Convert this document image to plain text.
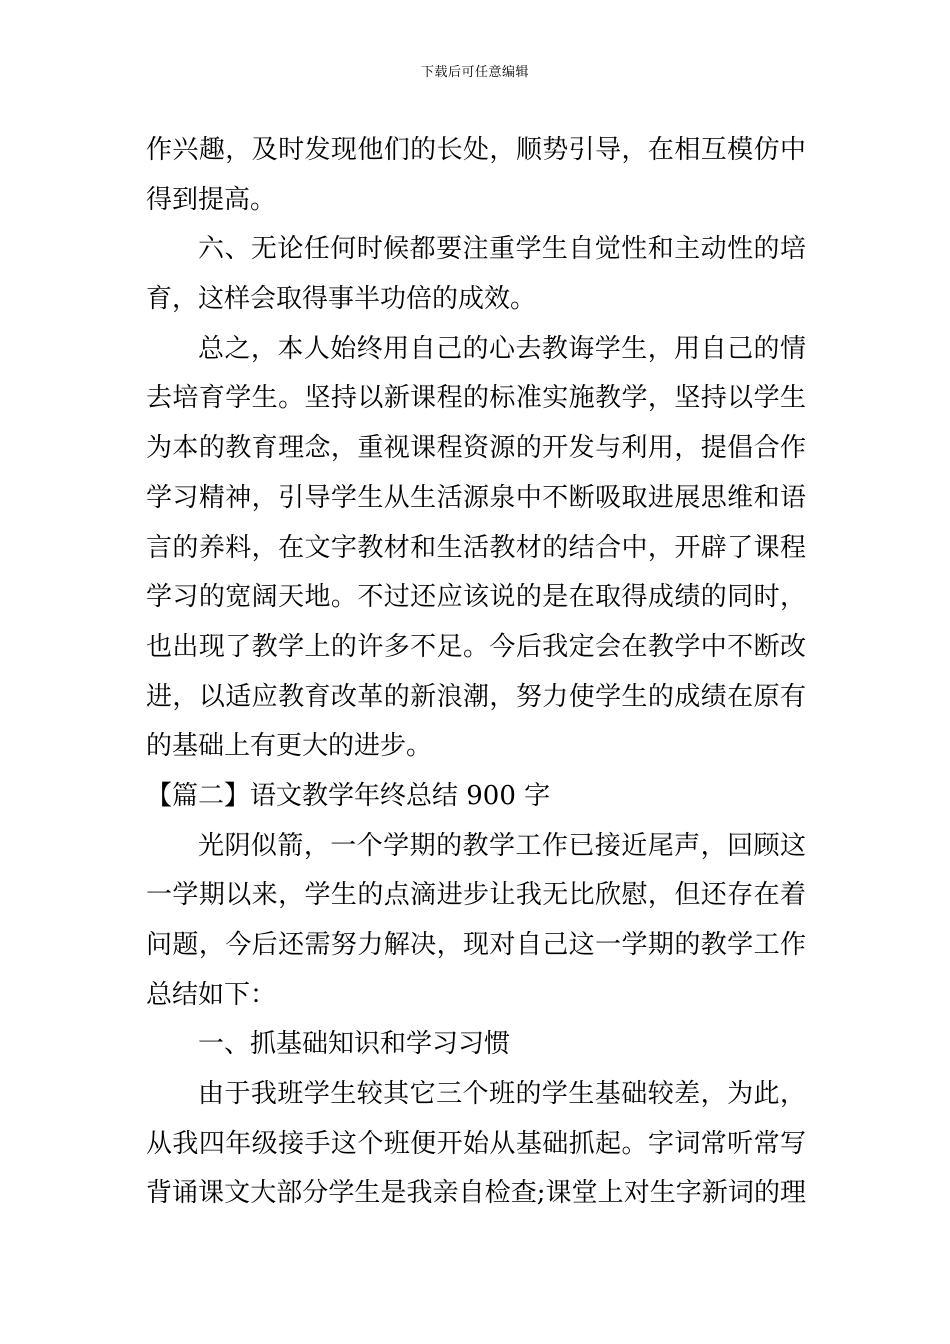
下载后可任意编辑
作兴趣，及时发现他们的长处，顺势引导，在相互模仿中
得到提高。
六、无论任何时候都要注重学生自觉性和主动性的培
育，这样会取得事半功倍的成效。
总之，本人始终用自己的心去教诲学生，用自己的情
去培育学生。坚持以新课程的标准实施教学，坚持以学生
为本的教育理念，重视课程资源的开发与利用，提倡合作
学习精神，引导学生从生活源泉中不断吸取进展思维和语
言的养料，在文字教材和生活教材的结合中，开辟了课程
学习的宽阔天地。不过还应该说的是在取得成绩的同时，
也出现了教学上的许多不足。今后我定会在教学中不断改
进，以适应教育改革的新浪潮，努力使学生的成绩在原有
的基础上有更大的进步。
【篇二】语文教学年终总结 900 字
光阴似箭，一个学期的教学工作已接近尾声，回顾这
一学期以来，学生的点滴进步让我无比欣慰，但还存在着
问题，今后还需努力解决，现对自己这一学期的教学工作
总结如下：
一、抓基础知识和学习习惯
由于我班学生较其它三个班的学生基础较差，为此，
从我四年级接手这个班便开始从基础抓起。字词常听常写
背诵课文大部分学生是我亲自检查;课堂上对生字新词的理
